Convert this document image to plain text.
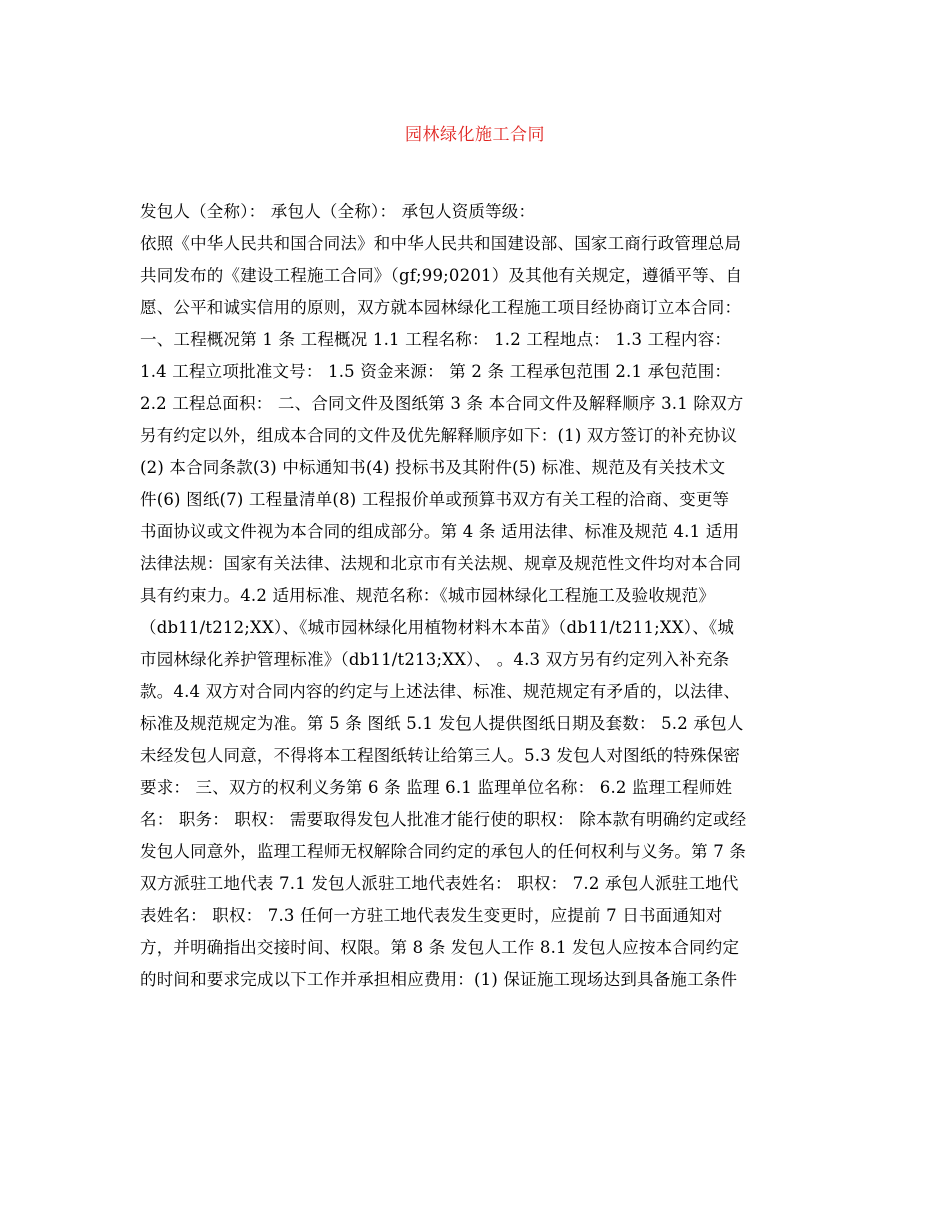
园林绿化施工合同
发包人（全称）： 承包人（全称）： 承包人资质等级：
依照《中华人民共和国合同法》和中华人民共和国建设部、国家工商行政管理总局
共同发布的《建设工程施工合同》（gf;99;0201）及其他有关规定，遵循平等、自
愿、公平和诚实信用的原则，双方就本园林绿化工程施工项目经协商订立本合同：
一、工程概况第 1 条 工程概况 1.1 工程名称： 1.2 工程地点： 1.3 工程内容：
1.4 工程立项批准文号： 1.5 资金来源： 第 2 条 工程承包范围 2.1 承包范围：
2.2 工程总面积： 二、合同文件及图纸第 3 条 本合同文件及解释顺序 3.1 除双方
另有约定以外，组成本合同的文件及优先解释顺序如下：(1) 双方签订的补充协议
(2) 本合同条款(3) 中标通知书(4) 投标书及其附件(5) 标准、规范及有关技术文
件(6) 图纸(7) 工程量清单(8) 工程报价单或预算书双方有关工程的洽商、变更等
书面协议或文件视为本合同的组成部分。第 4 条 适用法律、标准及规范 4.1 适用
法律法规：国家有关法律、法规和北京市有关法规、规章及规范性文件均对本合同
具有约束力。4.2 适用标准、规范名称：《城市园林绿化工程施工及验收规范》
（db11/t212;XX）、《城市园林绿化用植物材料木本苗》（db11/t211;XX）、《城
市园林绿化养护管理标准》（db11/t213;XX）、 。4.3 双方另有约定列入补充条
款。4.4 双方对合同内容的约定与上述法律、标准、规范规定有矛盾的，以法律、
标准及规范规定为准。第 5 条 图纸 5.1 发包人提供图纸日期及套数： 5.2 承包人
未经发包人同意，不得将本工程图纸转让给第三人。5.3 发包人对图纸的特殊保密
要求： 三、双方的权利义务第 6 条 监理 6.1 监理单位名称： 6.2 监理工程师姓
名： 职务： 职权： 需要取得发包人批准才能行使的职权： 除本款有明确约定或经
发包人同意外，监理工程师无权解除合同约定的承包人的任何权利与义务。第 7 条
双方派驻工地代表 7.1 发包人派驻工地代表姓名： 职权： 7.2 承包人派驻工地代
表姓名： 职权： 7.3 任何一方驻工地代表发生变更时，应提前 7 日书面通知对
方，并明确指出交接时间、权限。第 8 条 发包人工作 8.1 发包人应按本合同约定
的时间和要求完成以下工作并承担相应费用：(1) 保证施工现场达到具备施工条件
